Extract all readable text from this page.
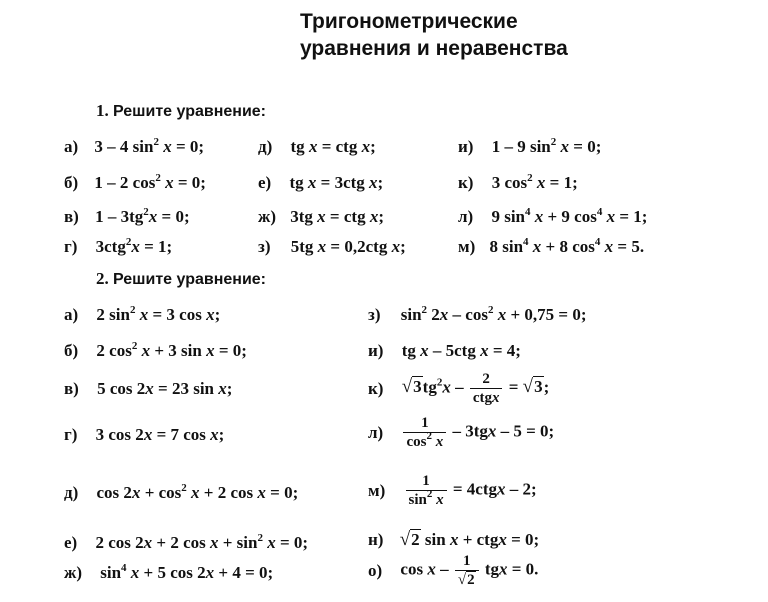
Тригонометрические
уравнения и неравенства
1. Решите уравнение:
а) 3 – 4 $\sin^2 x = 0$;	д) tg x = ctg x;	и) 1 – 9 $\sin^2 x = 0$;
б) 1 – 2 $\cos^2 x = 0$;	е) tg x = 3ctg x;	к) 3 $\cos^2 x = 1$;
в) $1 - 3tg^2x = 0$;	ж) 3tg x = ctg x;	л) 9 $\sin^4 x + 9$ $\cos^4 x = 1$;
г) 3ctg$^2$x = 1;	з) 5tg x = 0,2ctg x;	м) 8 $\sin^4 x + 8$ $\cos^4 x = 5$.
2. Решите уравнение:
а) 2 $\sin^2 x = 3$ cos x;	з) $\sin^2 2x - \cos^2 x + 0,75 = 0$;
б) 2 $\cos^2 x + 3$ sin x = 0;	и) tg x – 5ctg x = 4;
в) 5 cos 2x = 23 sin x;	к) $√3tg^2x - \frac{2}{\text{ctgx}} = √3$;
г) 3 cos 2x = 7 cos x;	$л) \frac{1}{\cos^2 x} - 3tgx - 5 = 0$;
д) $\cos 2x + \cos^2 x + 2$ cos x = 0;	$м) \frac{1}{\sin^2 x}$ = 4ctgx – 2;
е) 2 cos 2x + 2 $\cos x + \sin^2 x = 0$;	н) √2 sin x + ctgx = 0;
ж) $\sin^4 x + 5$ cos 2x + 4 = 0;	о) cos x – $\frac{1}{√2}$ tgx = 0.
